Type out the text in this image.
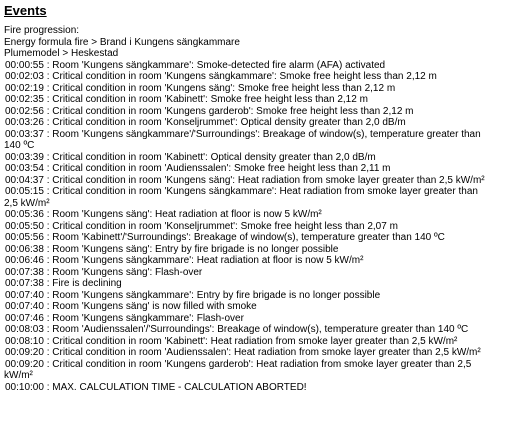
Events
Fire progression:
Energy formula fire > Brand i Kungens sängkammare
Plumemodel > Heskestad
00:00:55 : Room 'Kungens sängkammare': Smoke-detected fire alarm (AFA) activated
00:02:03 : Critical condition in room 'Kungens sängkammare': Smoke free height less than 2,12 m
00:02:19 : Critical condition in room 'Kungens säng': Smoke free height less than 2,12 m
00:02:35 : Critical condition in room 'Kabinett': Smoke free height less than 2,12 m
00:02:56 : Critical condition in room 'Kungens garderob': Smoke free height less than 2,12 m
00:03:26 : Critical condition in room 'Konseljrummet': Optical density greater than 2,0 dB/m
00:03:37 : Room 'Kungens sängkammare'/'Surroundings': Breakage of window(s), temperature greater than
140 ºC
00:03:39 : Critical condition in room 'Kabinett': Optical density greater than 2,0 dB/m
00:03:54 : Critical condition in room 'Audienssalen': Smoke free height less than 2,11 m
00:04:37 : Critical condition in room 'Kungens säng': Heat radiation from smoke layer greater than 2,5 kW/m²
00:05:15 : Critical condition in room 'Kungens sängkammare': Heat radiation from smoke layer greater than
2,5 kW/m²
00:05:36 : Room 'Kungens säng': Heat radiation at floor is now 5 kW/m²
00:05:50 : Critical condition in room 'Konseljrummet': Smoke free height less than 2,07 m
00:05:56 : Room 'Kabinett'/'Surroundings': Breakage of window(s), temperature greater than 140 ºC
00:06:38 : Room 'Kungens säng': Entry by fire brigade is no longer possible
00:06:46 : Room 'Kungens sängkammare': Heat radiation at floor is now 5 kW/m²
00:07:38 : Room 'Kungens säng': Flash-over
00:07:38 : Fire is declining
00:07:40 : Room 'Kungens sängkammare': Entry by fire brigade is no longer possible
00:07:40 : Room 'Kungens säng' is now filled with smoke
00:07:46 : Room 'Kungens sängkammare': Flash-over
00:08:03 : Room 'Audienssalen'/'Surroundings': Breakage of window(s), temperature greater than 140 ºC
00:08:10 : Critical condition in room 'Kabinett': Heat radiation from smoke layer greater than 2,5 kW/m²
00:09:20 : Critical condition in room 'Audienssalen': Heat radiation from smoke layer greater than 2,5 kW/m²
00:09:20 : Critical condition in room 'Kungens garderob': Heat radiation from smoke layer greater than 2,5
kW/m²
00:10:00 : MAX. CALCULATION TIME - CALCULATION ABORTED!
